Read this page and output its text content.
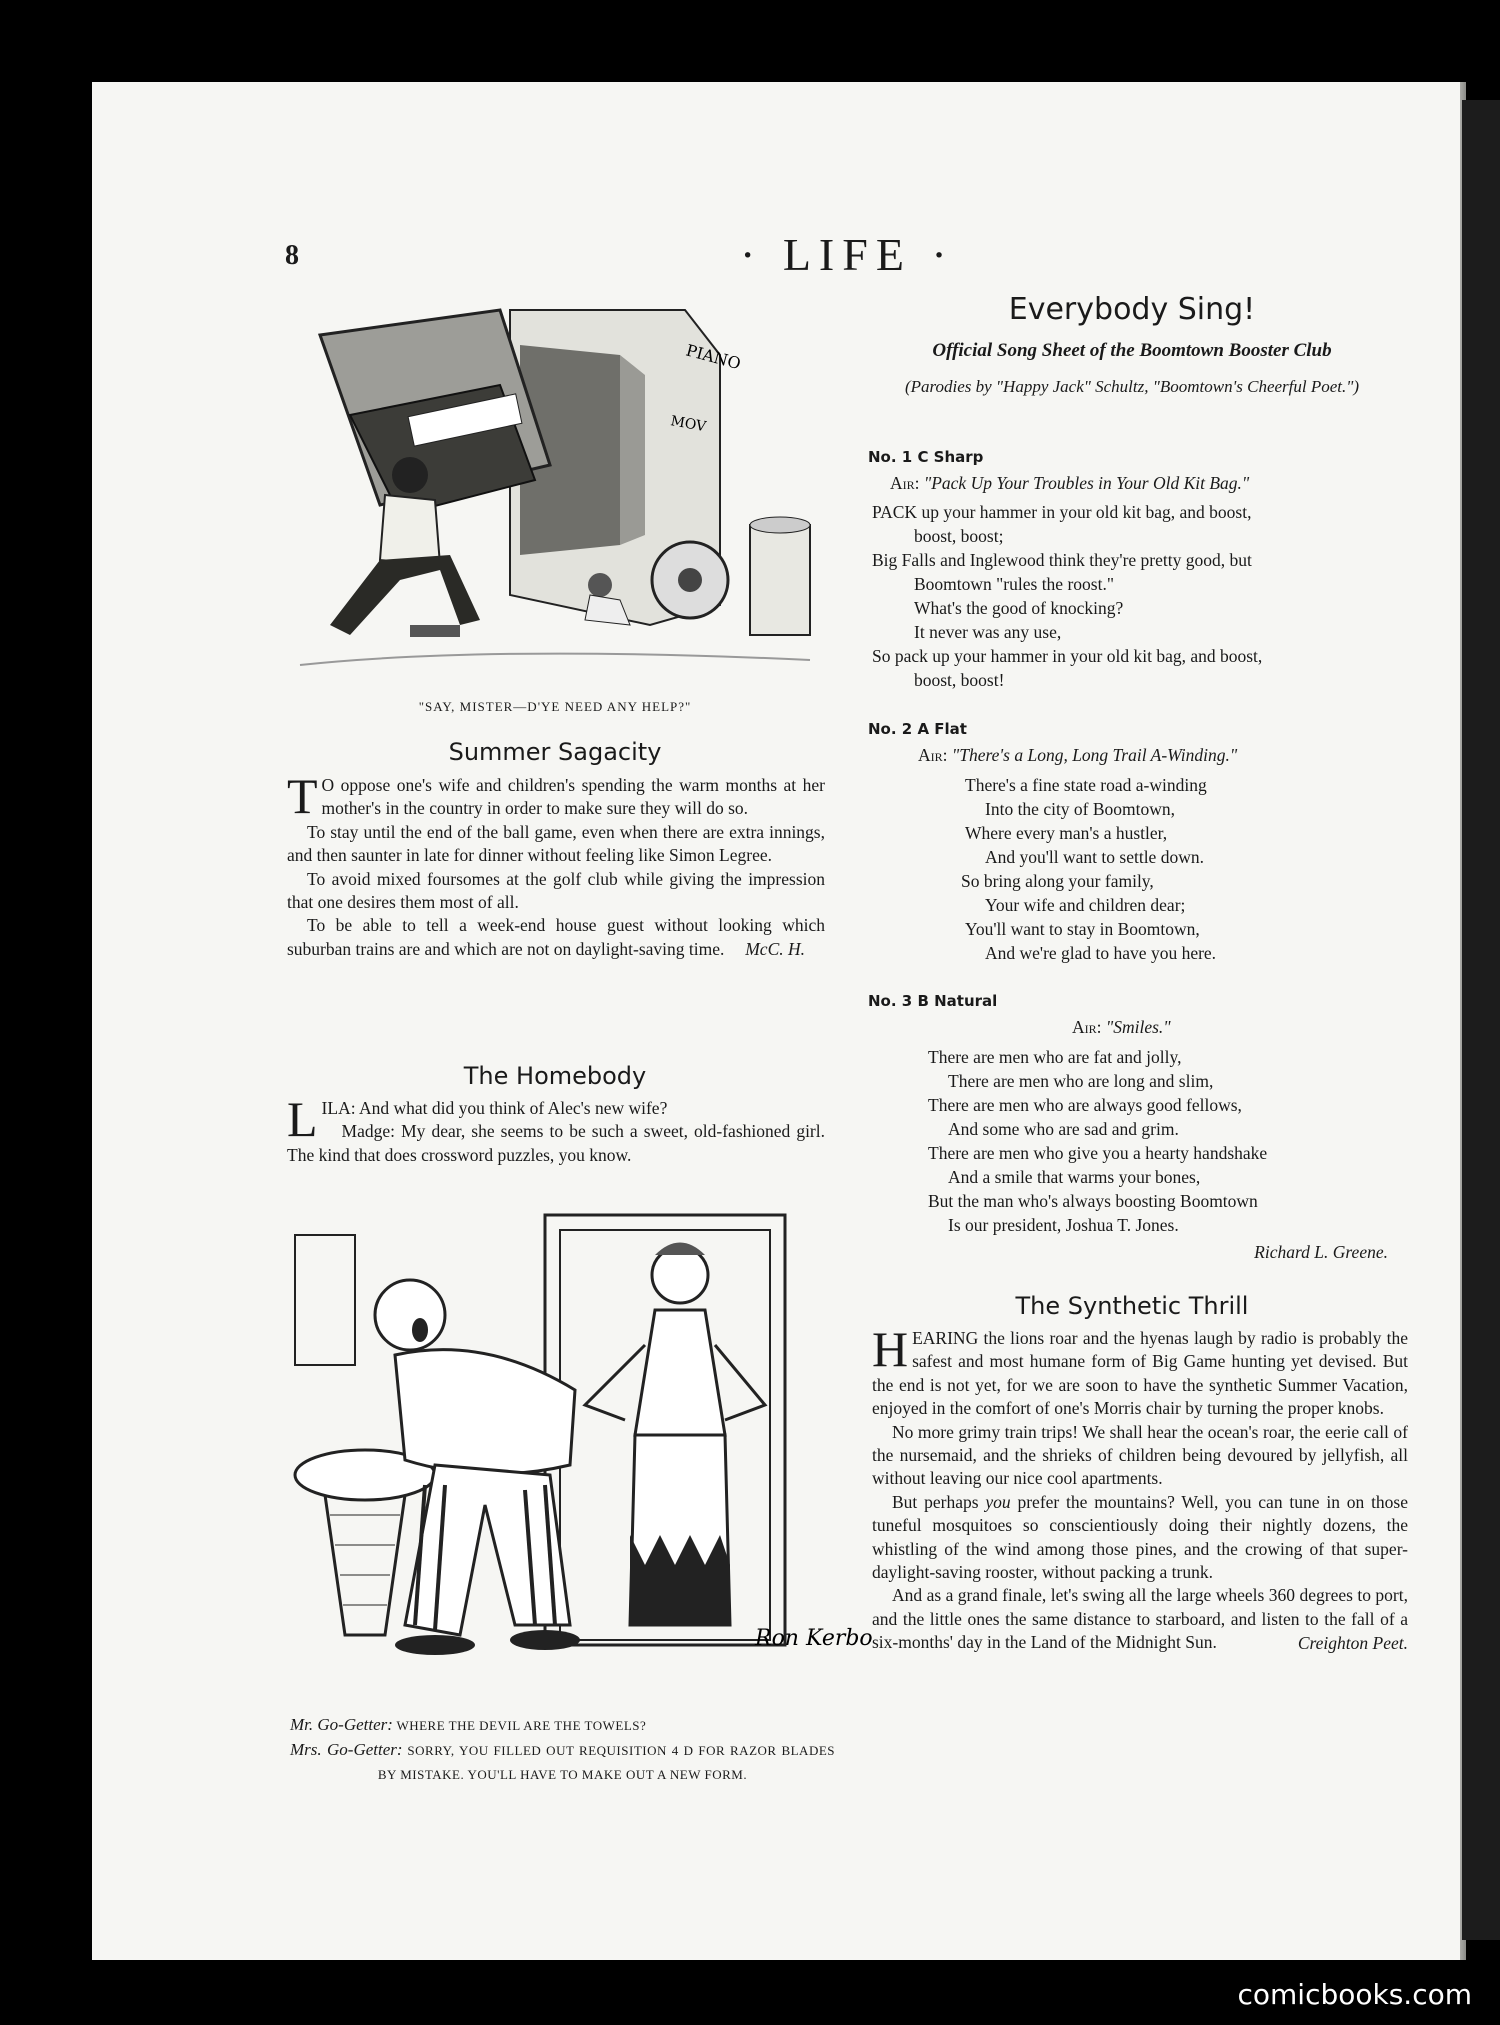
8	· LIFE ·
PIANO
MOV
"SAY, MISTER—D'YE NEED ANY HELP?"
Summer Sagacity

T O oppose one's wife and children's spending the warm months at her mother's in the country in order to make sure they will do so.

To stay until the end of the ball game, even when there are extra innings, and then saunter in late for dinner without feeling like Simon Legree.

To avoid mixed foursomes at the golf club while giving the impression that one desires them most of all.

To be able to tell a week-end house guest without looking which suburban trains are and which are not on daylight-saving time.	McC. H.
The Homebody

LILA: And what did you think of Alec's new wife?

Madge: My dear, she seems to be such a sweet, old-fashioned girl. The kind that does crossword puzzles, you know.

Ron Kerbo
Mr. Go-Getter: WHERE THE DEVIL ARE THE TOWELS?
Mrs. Go-Getter: SORRY, YOU FILLED OUT REQUISITION 4 D FOR RAZOR BLADES BY MISTAKE. YOU'LL HAVE TO MAKE OUT A NEW FORM.
Everybody Sing!
Official Song Sheet of the Boomtown Booster Club
(Parodies by "Happy Jack" Schultz, "Boomtown's Cheerful Poet.")
No. 1 C Sharp
Air: "Pack Up Your Troubles in Your Old Kit Bag."
PACK up your hammer in your old kit bag, and boost,
boost, boost;
Big Falls and Inglewood think they're pretty good, but
Boomtown "rules the roost."
What's the good of knocking?
It never was any use,
So pack up your hammer in your old kit bag, and boost,
boost, boost!
No. 2 A Flat
Air: "There's a Long, Long Trail A-Winding."
There's a fine state road a-winding
Into the city of Boomtown,
Where every man's a hustler,
And you'll want to settle down.
So bring along your family,
Your wife and children dear;
You'll want to stay in Boomtown,
And we're glad to have you here.
No. 3 B Natural
Air: "Smiles."
There are men who are fat and jolly,
There are men who are long and slim,
There are men who are always good fellows,
And some who are sad and grim.
There are men who give you a hearty handshake
And a smile that warms your bones,
But the man who's always boosting Boomtown
Is our president, Joshua T. Jones.
Richard L. Greene.
The Synthetic Thrill

HEARING the lions roar and the hyenas laugh by radio is probably the safest and most humane form of Big Game hunting yet devised. But the end is not yet, for we are soon to have the synthetic Summer Vacation, enjoyed in the comfort of one's Morris chair by turning the proper knobs.

No more grimy train trips! We shall hear the ocean's roar, the eerie call of the nursemaid, and the shrieks of children being devoured by jellyfish, all without leaving our nice cool apartments.

But perhaps you prefer the mountains? Well, you can tune in on those tuneful mosquitoes so conscientiously doing their nightly dozens, the whistling of the wind among those pines, and the crowing of that super-daylight-saving rooster, without packing a trunk.

And as a grand finale, let's swing all the large wheels 360 degrees to port, and the little ones the same distance to starboard, and listen to the fall of a six-months' day in the Land of the Midnight Sun.	Creighton Peet.
comicbooks.com
